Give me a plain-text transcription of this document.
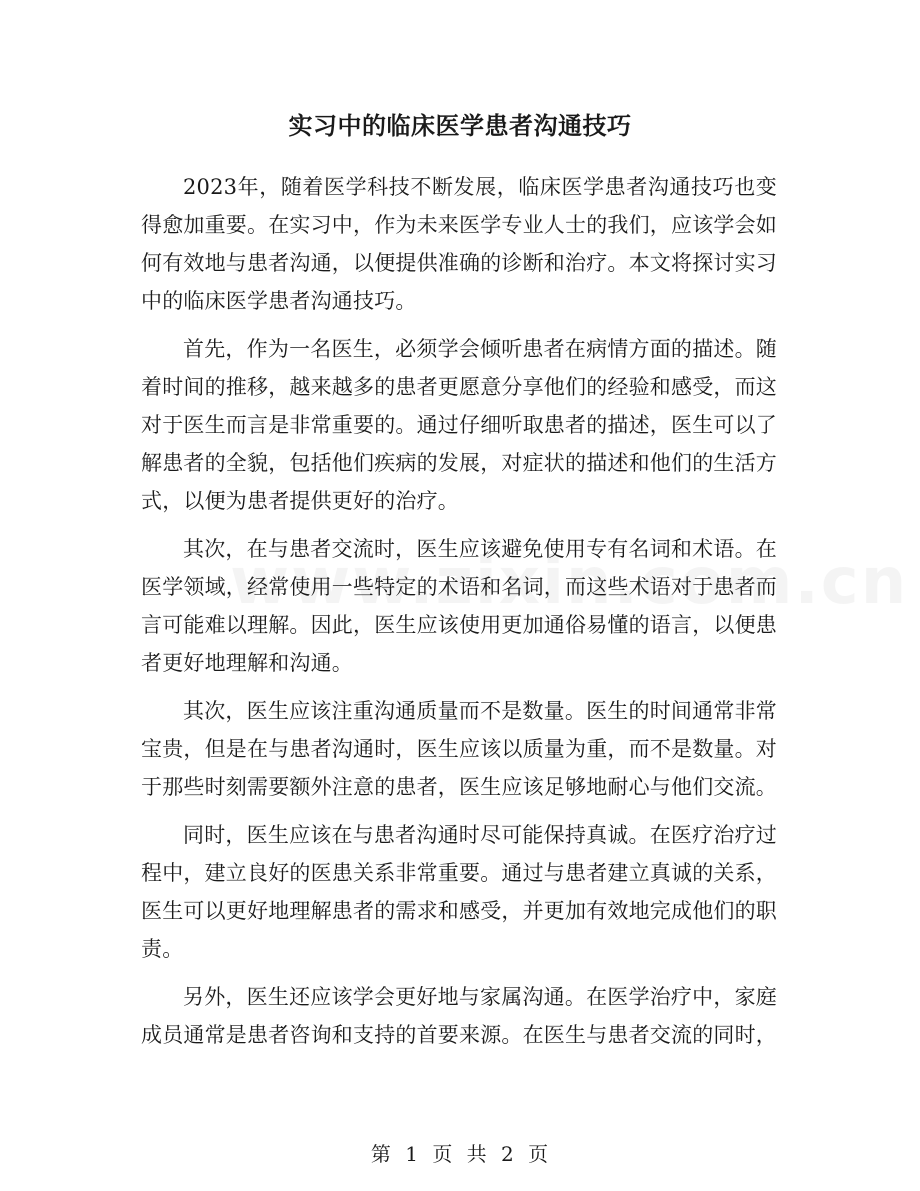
实习中的临床医学患者沟通技巧

2023年，随着医学科技不断发展，临床医学患者沟通技巧也变得愈加重要。在实习中，作为未来医学专业人士的我们，应该学会如何有效地与患者沟通，以便提供准确的诊断和治疗。本文将探讨实习中的临床医学患者沟通技巧。

首先，作为一名医生，必须学会倾听患者在病情方面的描述。随着时间的推移，越来越多的患者更愿意分享他们的经验和感受，而这对于医生而言是非常重要的。通过仔细听取患者的描述，医生可以了解患者的全貌，包括他们疾病的发展，对症状的描述和他们的生活方式，以便为患者提供更好的治疗。

其次，在与患者交流时，医生应该避免使用专有名词和术语。在医学领域，经常使用一些特定的术语和名词，而这些术语对于患者而言可能难以理解。因此，医生应该使用更加通俗易懂的语言，以便患者更好地理解和沟通。

其次，医生应该注重沟通质量而不是数量。医生的时间通常非常宝贵，但是在与患者沟通时，医生应该以质量为重，而不是数量。对于那些时刻需要额外注意的患者，医生应该足够地耐心与他们交流。

同时，医生应该在与患者沟通时尽可能保持真诚。在医疗治疗过程中，建立良好的医患关系非常重要。通过与患者建立真诚的关系，医生可以更好地理解患者的需求和感受，并更加有效地完成他们的职责。

另外，医生还应该学会更好地与家属沟通。在医学治疗中，家庭成员通常是患者咨询和支持的首要来源。在医生与患者交流的同时，

第 1 页 共 2 页
